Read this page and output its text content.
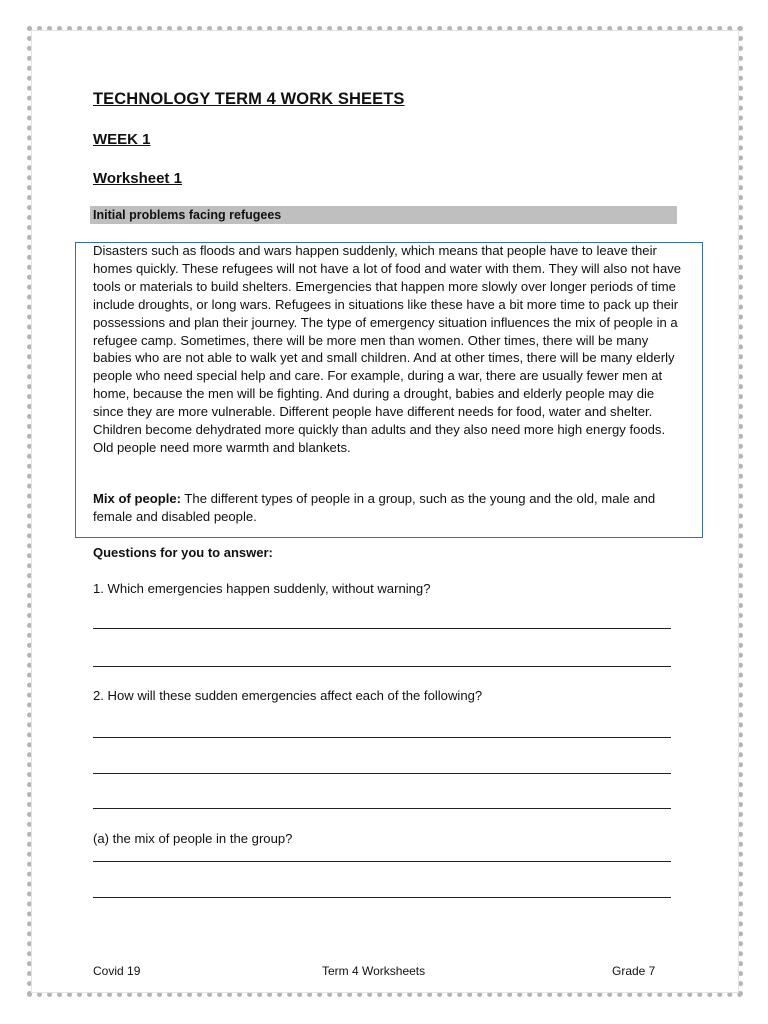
TECHNOLOGY TERM 4 WORK SHEETS
WEEK 1
Worksheet 1
Initial problems facing refugees
Disasters such as floods and wars happen suddenly, which means that people have to leave their homes quickly. These refugees will not have a lot of food and water with them. They will also not have tools or materials to build shelters. Emergencies that happen more slowly over longer periods of time include droughts, or long wars. Refugees in situations like these have a bit more time to pack up their possessions and plan their journey. The type of emergency situation influences the mix of people in a refugee camp. Sometimes, there will be more men than women. Other times, there will be many babies who are not able to walk yet and small children. And at other times, there will be many elderly people who need special help and care. For example, during a war, there are usually fewer men at home, because the men will be fighting. And during a drought, babies and elderly people may die since they are more vulnerable. Different people have different needs for food, water and shelter. Children become dehydrated more quickly than adults and they also need more high energy foods. Old people need more warmth and blankets.
Mix of people: The different types of people in a group, such as the young and the old, male and female and disabled people.
Questions for you to answer:
1. Which emergencies happen suddenly, without warning?
2. How will these sudden emergencies affect each of the following?
(a) the mix of people in the group?
Covid 19	Term 4 Worksheets	Grade 7
